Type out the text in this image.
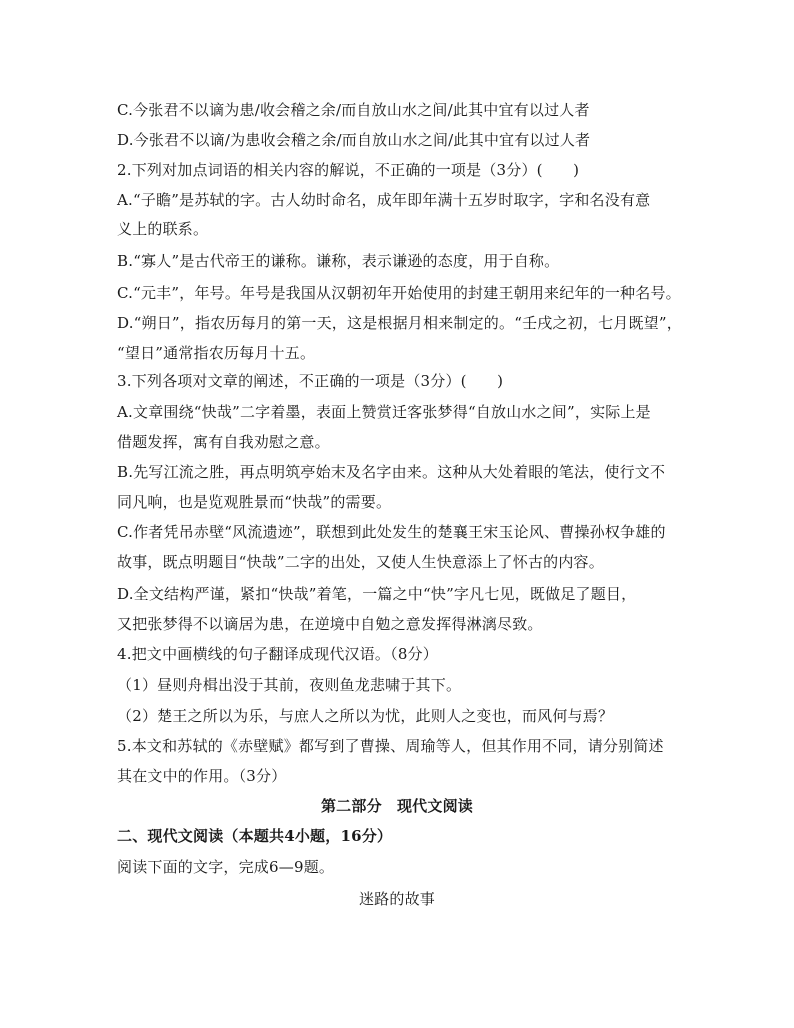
C.今张君不以谪为患/收会稽之余/而自放山水之间/此其中宜有以过人者
D.今张君不以谪/为患收会稽之余/而自放山水之间/此其中宜有以过人者
2.下列对加点词语的相关内容的解说，不正确的一项是（3分）(　　)
A.“子瞻”是苏轼的字。古人幼时命名，成年即年满十五岁时取字，字和名没有意
义上的联系。
B.“寡人”是古代帝王的谦称。谦称，表示谦逊的态度，用于自称。
C.“元丰”，年号。年号是我国从汉朝初年开始使用的封建王朝用来纪年的一种名号。
D.“朔日”，指农历每月的第一天，这是根据月相来制定的。“壬戌之初，七月既望”，
“望日”通常指农历每月十五。
3.下列各项对文章的阐述，不正确的一项是（3分）(　　)
A.文章围绕“快哉”二字着墨，表面上赞赏迁客张梦得“自放山水之间”，实际上是
借题发挥，寓有自我劝慰之意。
B.先写江流之胜，再点明筑亭始末及名字由来。这种从大处着眼的笔法，使行文不
同凡响，也是览观胜景而“快哉”的需要。
C.作者凭吊赤壁“风流遗迹”，联想到此处发生的楚襄王宋玉论风、曹操孙权争雄的
故事，既点明题目“快哉”二字的出处，又使人生快意添上了怀古的内容。
D.全文结构严谨，紧扣“快哉”着笔，一篇之中“快”字凡七见，既做足了题目，
又把张梦得不以谪居为患，在逆境中自勉之意发挥得淋漓尽致。
4.把文中画横线的句子翻译成现代汉语。（8分）
（1）昼则舟楫出没于其前，夜则鱼龙悲啸于其下。
（2）楚王之所以为乐，与庶人之所以为忧，此则人之变也，而风何与焉？
5.本文和苏轼的《赤壁赋》都写到了曹操、周瑜等人，但其作用不同，请分别简述
其在文中的作用。（3分）
第二部分　现代文阅读
二、现代文阅读（本题共4小题，16分）
阅读下面的文字，完成6—9题。
迷路的故事
